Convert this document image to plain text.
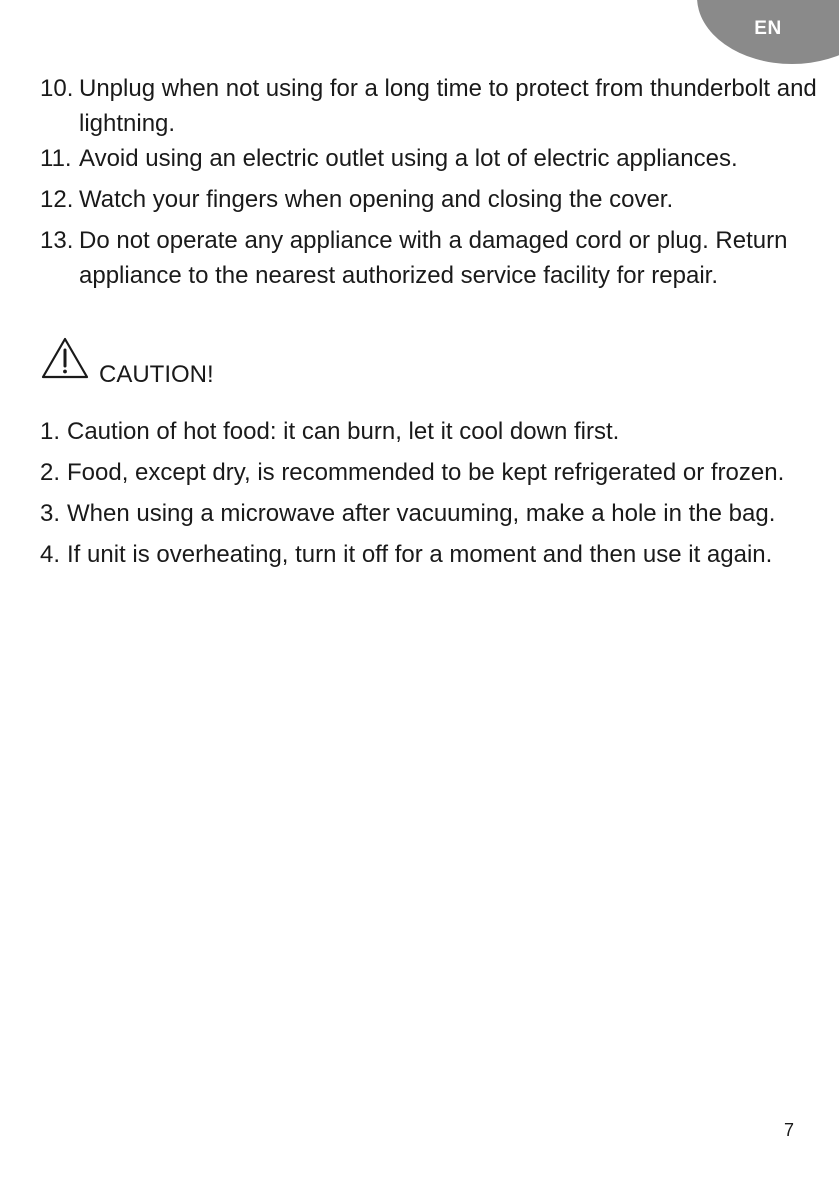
EN
10. Unplug when not using for a long time to protect from thunderbolt and lightning.
11. Avoid using an electric outlet using a lot of electric appliances.
12. Watch your fingers when opening and closing the cover.
13. Do not operate any appliance with a damaged cord or plug. Return appliance to the nearest authorized service facility for repair.
CAUTION!
1. Caution of hot food: it can burn, let it cool down first.
2. Food, except dry, is recommended to be kept refrigerated or frozen.
3. When using a microwave after vacuuming, make a hole in the bag.
4. If unit is overheating, turn it off for a moment and then use it again.
7
